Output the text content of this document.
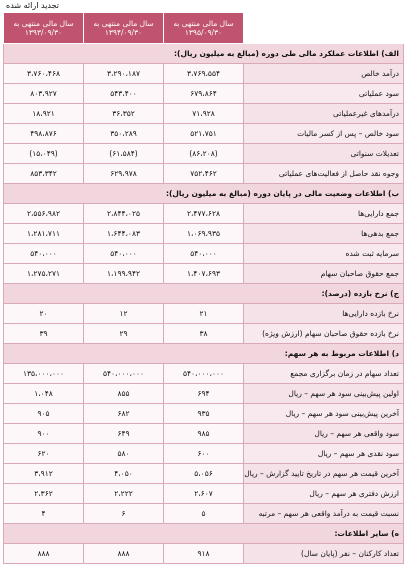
تجدید ارائه شده
	سال مالی منتهی به ۱۳۹۵/۰۹/۳۰	سال مالی منتهی به ۱۳۹۴/۰۹/۳۰	سال مالی منتهی به ۱۳۹۳/۰۹/۳۰
الف) اطلاعات عملکرد مالی طی دوره (مبالغ به میلیون ریال):			
درآمد خالص	۳،۷۶۹،۵۵۴	۳،۲۹۰،۱۸۷	۳،۷۶۰،۴۶۸
سود عملیاتی	۶۷۹،۸۶۴	۵۴۳،۴۰۰	۸۰۳،۹۲۷
درآمدهای غیرعملیاتی	۷۱،۹۲۸	۳۶،۳۵۲	۱۸،۹۲۱
سود خالص – پس از کسر مالیات	۵۲۱،۷۵۱	۳۵۰،۲۸۹	۴۹۸،۸۷۶
تعدیلات سنواتی	(۸۶،۲۰۸)	(۶۱،۵۸۴)	(۱۵،۰۴۹)
وجوه نقد حاصل از فعالیت‌های عملیاتی	۷۵۲،۴۶۲	۶۲۹،۹۷۸	۸۵۳،۳۴۲
ب) اطلاعات وضعیت مالی در پایان دوره (مبالغ به میلیون ریال):			
جمع دارایی‌ها	۲،۴۷۷،۶۲۸	۲،۸۴۴،۰۲۵	۲،۵۵۶،۹۸۲
جمع بدهی‌ها	۱،۰۶۹،۹۳۵	۱،۶۴۴،۰۸۳	۱،۲۸۱،۷۱۱
سرمایه ثبت شده	۵۴۰،۰۰۰	۵۴۰،۰۰۰	۵۴۰،۰۰۰
جمع حقوق صاحبان سهام	۱،۴۰۷،۶۹۳	۱،۱۹۹،۹۴۲	۱،۲۷۵،۲۷۱
ج) نرخ بازده (درصد):			
نرخ بازده دارایی‌ها	۲۱	۱۲	۲۰
نرخ بازده حقوق صاحبان سهام (ارزش ویژه)	۳۸	۲۹	۳۹
د) اطلاعات مربوط به هر سهم:			
تعداد سهام در زمان برگزاری مجمع	۵۴۰،۰۰۰،۰۰۰	۵۴۰،۰۰۰،۰۰۰	۱۳۵،۰۰۰،۰۰۰
اولین پیش‌بینی سود هر سهم – ریال	۶۹۴	۸۵۵	۱،۰۴۸
آخرین پیش‌بینی سود هر سهم – ریال	۹۳۵	۶۸۲	۹۰۵
سود واقعی هر سهم – ریال	۹۸۵	۶۴۹	۹۰۰
سود نقدی هر سهم – ریال	۶۰۰	۵۸۰	۶۲۰
آخرین قیمت هر سهم در تاریخ تایید گزارش – ریال	۵،۰۵۶	۴،۰۵۰	۳،۹۱۲
ارزش دفتری هر سهم – ریال	۲،۶۰۷	۲،۲۲۲	۲،۳۶۲
نسبت قیمت به درآمد واقعی هر سهم – مرتبه	۵	۶	۴
ه) سایر اطلاعات:			
تعداد کارکنان – نفر (پایان سال)	۹۱۸	۸۸۸	۸۸۸
